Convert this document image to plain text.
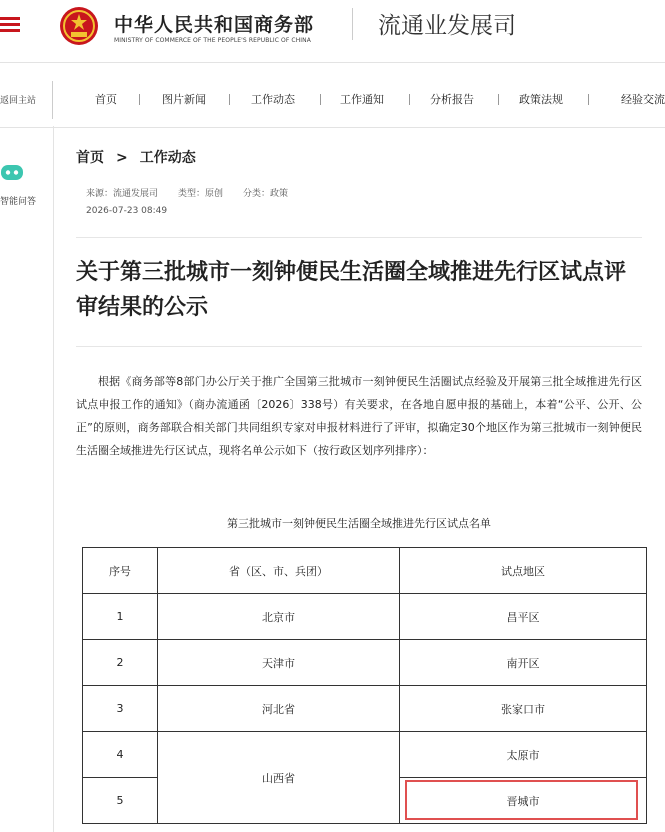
中华人民共和国商务部
MINISTRY OF COMMERCE OF THE PEOPLE'S REPUBLIC OF CHINA
流通业发展司
返回主站	首页	图片新闻	工作动态	工作通知	分析报告	政策法规	经验交流
智能问答
首页 > 工作动态
来源：流通发展司 类型：原创 分类：政策
2026-07-23 08:49
关于第三批城市一刻钟便民生活圈全域推进先行区试点评审结果的公示
根据《商务部等8部门办公厅关于推广全国第三批城市一刻钟便民生活圈试点经验及开展第三批全域推进先行区试点申报工作的通知》（商办流通函〔2026〕338号）有关要求，在各地自愿申报的基础上，本着“公平、公开、公正”的原则，商务部联合相关部门共同组织专家对申报材料进行了评审，拟确定30个地区作为第三批城市一刻钟便民生活圈全域推进先行区试点，现将名单公示如下（按行政区划序列排序）：
第三批城市一刻钟便民生活圈全域推进先行区试点名单
序号	省（区、市、兵团）	试点地区
1	北京市	昌平区
2	天津市	南开区
3	河北省	张家口市
4	山西省	太原市
5		晋城市
